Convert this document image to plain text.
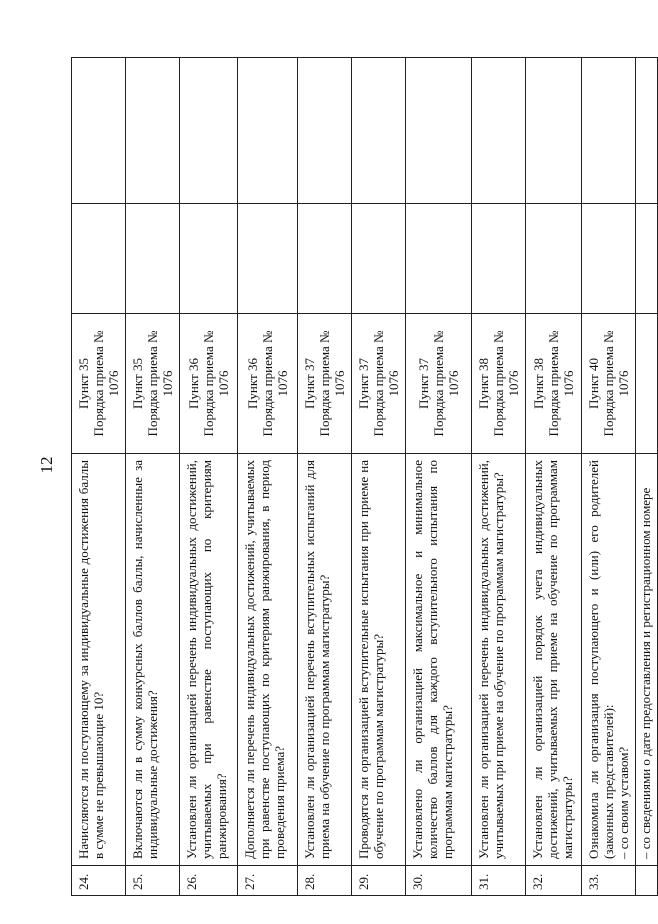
12
24.	Начисляются ли поступающему за индивидуальные достижения баллы в сумме не превышающие 10?	Пункт 35 Порядка приема № 1076		

25.	Включаются ли в сумму конкурсных баллов баллы, начисленные за индивидуальные достижения?	Пункт 35 Порядка приема № 1076		

26.	Установлен ли организацией перечень индивидуальных достижений, учитываемых при равенстве поступающих по критериям ранжирования?	Пункт 36 Порядка приема № 1076		

27.	Дополняется ли перечень индивидуальных достижений, учитываемых при равенстве поступающих по критериям ранжирования, в период проведения приема?	Пункт 36 Порядка приема № 1076		

28.	Установлен ли организацией перечень вступительных испытаний для приема на обучение по программам магистратуры?	Пункт 37 Порядка приема № 1076		

29.	Проводятся ли организацией вступительные испытания при приеме на обучение по программам магистратуры?	Пункт 37 Порядка приема № 1076		

30.	Установлено ли организацией максимальное и минимальное количество баллов для каждого вступительного испытания по программам магистратуры?	Пункт 37 Порядка приема № 1076		

31.	Установлен ли организацией перечень индивидуальных достижений, учитываемых при приеме на обучение по программам магистратуры?	Пункт 38 Порядка приема № 1076		

32.	Установлен ли организацией порядок учета индивидуальных достижений, учитываемых при приеме на обучение по программам магистратуры?	Пункт 38 Порядка приема № 1076		

33.	Ознакомила ли организация поступающего и (или) его родителей (законных представителей): – со своим уставом?	Пункт 40 Порядка приема № 1076		

	– со сведениями о дате предоставления и регистрационном номере			
